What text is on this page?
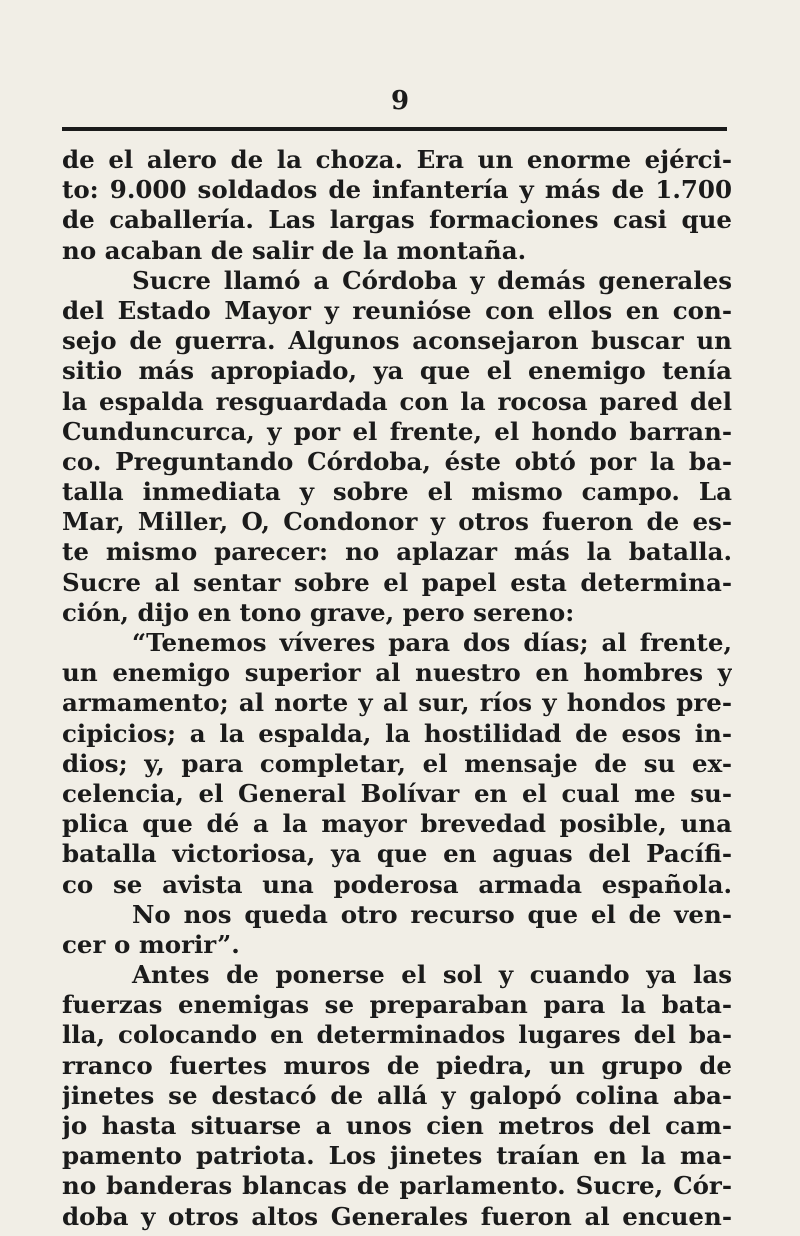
9
de el alero de la choza. Era un enorme ejérci-
to: 9.000 soldados de infantería y más de 1.700
de caballería. Las largas formaciones casi que
no acaban de salir de la montaña.
Sucre llamó a Córdoba y demás generales
del Estado Mayor y reunióse con ellos en con-
sejo de guerra. Algunos aconsejaron buscar un
sitio más apropiado, ya que el enemigo tenía
la espalda resguardada con la rocosa pared del
Cunduncurca, y por el frente, el hondo barran-
co. Preguntando Córdoba, éste obtó por la ba-
talla inmediata y sobre el mismo campo. La
Mar, Miller, O, Condonor y otros fueron de es-
te mismo parecer: no aplazar más la batalla.
Sucre al sentar sobre el papel esta determina-
ción, dijo en tono grave, pero sereno:
“Tenemos víveres para dos días; al frente,
un enemigo superior al nuestro en hombres y
armamento; al norte y al sur, ríos y hondos pre-
cipicios; a la espalda, la hostilidad de esos in-
dios; y, para completar, el mensaje de su ex-
celencia, el General Bolívar en el cual me su-
plica que dé a la mayor brevedad posible, una
batalla victoriosa, ya que en aguas del Pacífi-
co se avista una poderosa armada española.
No nos queda otro recurso que el de ven-
cer o morir”.
Antes de ponerse el sol y cuando ya las
fuerzas enemigas se preparaban para la bata-
lla, colocando en determinados lugares del ba-
rranco fuertes muros de piedra, un grupo de
jinetes se destacó de allá y galopó colina aba-
jo hasta situarse a unos cien metros del cam-
pamento patriota. Los jinetes traían en la ma-
no banderas blancas de parlamento. Sucre, Cór-
doba y otros altos Generales fueron al encuen-
